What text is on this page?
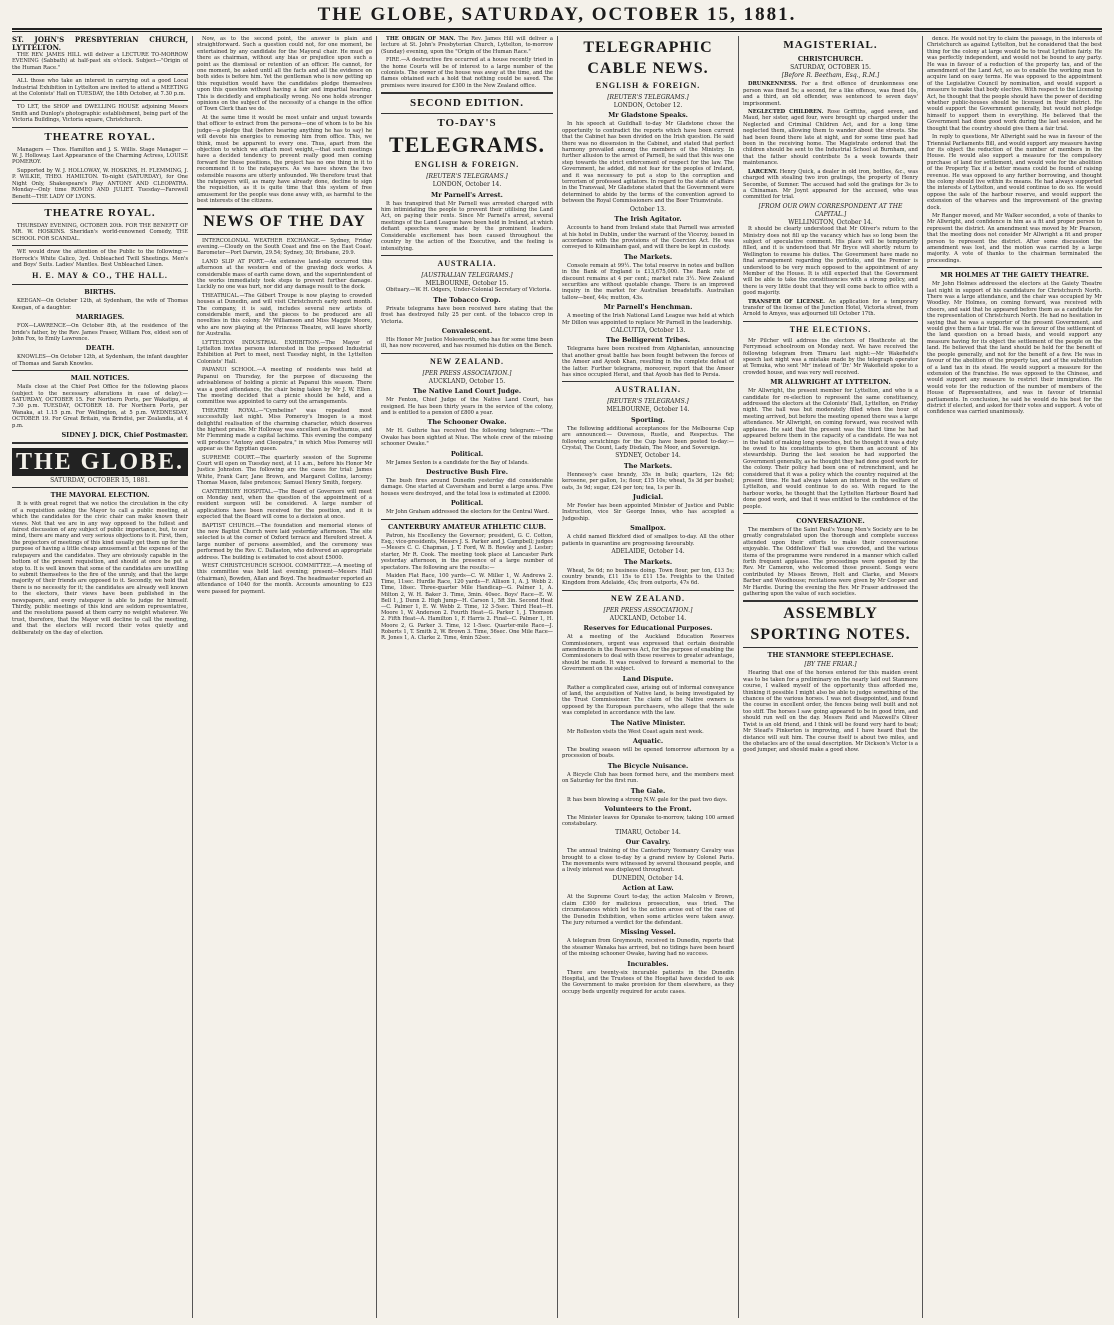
THE GLOBE, SATURDAY, OCTOBER 15, 1881.
ST. JOHN'S PRESBYTERIAN CHURCH, LYTTELTON.

THE REV. JAMES HILL will deliver a LECTURE TO-MORROW EVENING (Sabbath) at half-past six o'clock. Subject—"Origin of the Human Race."

ALL those who take an interest in carrying out a good Local Industrial Exhibition in Lyttelton are invited to attend a MEETING at the Colonists' Hall on TUESDAY, the 18th October, at 7.30 p.m.

TO LET, the SHOP and DWELLING HOUSE adjoining Messrs Smith and Dunlop's photographic establishment, being part of the Victoria Buildings, Victoria square, Christchurch.

THEATRE ROYAL.

Managers — Thos. Hamilton and J. S. Willis. Stage Manager — W. J. Holloway. Last Appearance of the Charming Actress, LOUISE POMEROY.

Supported by W. J. HOLLOWAY, W. HOSKINS, H. FLEMMING, J. P. WILKIE, THEO. HAMILTON. To-night (SATURDAY), for One Night Only, Shakespeare's Play ANTONY AND CLEOPATRA. Monday—Only time ROMEO AND JULIET. Tuesday—Farewell Benefit—THE LADY OF LYONS.

THEATRE ROYAL.

THURSDAY EVENING, OCTOBER 20th. FOR THE BENEFIT OF MR. W. HOSKINS. Sheridan's world-renowned Comedy, THE SCHOOL FOR SCANDAL.

WE would draw the attention of the Public to the following:— Horrock's White Calico, 3yd. Unbleached Twill Sheetings. Men's and Boys' Suits. Ladies' Mantles. Best Unbleached Linen.

H. E. MAY & CO., THE HALL.
BIRTHS.

KEEGAN—On October 12th, at Sydenham, the wife of Thomas Keegan, of a daughter.

MARRIAGES.

FOX—LAWRENCE—On October 8th, at the residence of the bride's father, by the Rev. James Fraser, William Fox, eldest son of John Fox, to Emily Lawrence.

DEATH.

KNOWLES—On October 12th, at Sydenham, the infant daughter of Thomas and Sarah Knowles.

MAIL NOTICES.

Mails close at the Chief Post Office for the following places (subject to the necessary alterations in case of delay):— SATURDAY, OCTOBER 15. For Northern Ports, per Wakatipu, at 7.30 p.m. TUESDAY, OCTOBER 18. For Northern Ports, per Wanaka, at 1.15 p.m. For Wellington, at 5 p.m. WEDNESDAY, OCTOBER 19. For Great Britain, via Brindisi, per Zealandia, at 4 p.m.

SIDNEY J. DICK, Chief Postmaster.
THE GLOBE.
SATURDAY, OCTOBER 15, 1881.
THE MAYORAL ELECTION.

It is with great regret that we notice the circulation in the city of a requisition asking the Mayor to call a public meeting, at which the candidates for the civic chair can make known their views. Not that we are in any way opposed to the fullest and fairest discussion of any subject of public importance, but, to our mind, there are many and very serious objections to it. First, then, the projectors of meetings of this kind usually get them up for the purpose of having a little cheap amusement at the expense of the ratepayers and the candidates. They are obviously capable in the bottom of the present requisition, and should at once be put a stop to. It is well known that some of the candidates are unwilling to submit themselves to the fire of the unruly, and that the large majority of their friends are opposed to it. Secondly, we hold that there is no necessity for it; the candidates are already well known to the electors, their views have been published in the newspapers, and every ratepayer is able to judge for himself. Thirdly, public meetings of this kind are seldom representative, and the resolutions passed at them carry no weight whatever. We trust, therefore, that the Mayor will decline to call the meeting, and that the electors will record their votes quietly and deliberately on the day of election.

Now, as to the second point, the answer is plain and straightforward. Such a question could not, for one moment, be entertained by any candidate for the Mayoral chair. He must go there as chairman, without any bias or prejudice upon such a point as the dismissal or retention of an officer. He cannot, for one moment, be asked until all the facts and all the evidence on both sides is before him. Yet the gentleman who is now getting up this requisition would have the candidates pledge themselves upon this question without having a fair and impartial hearing. This is decidedly and emphatically wrong. No one holds stronger opinions on the subject of the necessity of a change in the office of Town Clerk than we do.

At the same time it would be most unfair and unjust towards that officer to extract from the persons—one of whom is to be his judge—a pledge that (before hearing anything he has to say) he will devote his energies to removing him from office. This, we think, must be apparent to every one. Thus, apart from the objection to which we attach most weight,—that such meetings have a decided tendency to prevent really good men coming forward for these positions, the project has no one thing in it to recommend it to the ratepayers. As we have shown the two ostensible reasons are utterly unfounded. We therefore trust that the ratepayers will, as many have already done, decline to sign the requisition, as it is quite time that this system of free amusement for the people was done away with, as harmful to the best interests of the citizens.

NEWS OF THE DAY

INTERCOLONIAL WEATHER EXCHANGE.— Sydney, Friday evening.—Cloudy on the South Coast and fine on the East Coast. Barometer—Port Darwin, 29.54; Sydney, 30; Brisbane, 29.9.

LAND SLIP AT PORT.—An extensive land-slip occurred this afternoon at the western end of the graving dock works. A considerable mass of earth came down, and the superintendent of the works immediately took steps to prevent further damage. Luckily no one was hurt, nor did any damage result to the dock.

THEATRICAL.—The Gilbert Troupe is now playing to crowded houses at Dunedin, and will visit Christchurch early next month. The company, it is said, includes several new artists of considerable merit, and the pieces to be produced are all novelties in this colony. Mr Williamson and Miss Maggie Moore, who are now playing at the Princess Theatre, will leave shortly for Australia.

LYTTELTON INDUSTRIAL EXHIBITION.—The Mayor of Lyttelton invites persons interested in the proposed Industrial Exhibition at Port to meet, next Tuesday night, in the Lyttelton Colonists' Hall.

PAPANUI SCHOOL.—A meeting of residents was held at Papanui on Thursday, for the purpose of discussing the advisableness of holding a picnic at Papanui this season. There was a good attendance, the chair being taken by Mr J. W. Ellen. The meeting decided that a picnic should be held, and a committee was appointed to carry out the arrangements.

THEATRE ROYAL.—"Cymbeline" was repeated most successfully last night. Miss Pomeroy's Imogen is a most delightful realisation of the charming character, which deserves the highest praise. Mr Holloway was excellent as Posthumus, and Mr Flemming made a capital Iachimo. This evening the company will produce "Antony and Cleopatra," in which Miss Pomeroy will appear as the Egyptian queen.

SUPREME COURT.—The quarterly session of the Supreme Court will open on Tuesday next, at 11 a.m., before his Honor Mr Justice Johnston. The following are the cases for trial: James White, Frank Carr, Jane Brown, and Margaret Collins, larceny; Thomas Mason, false pretences; Samuel Henry Smith, forgery.

CANTERBURY HOSPITAL.—The Board of Governors will meet on Monday next, when the question of the appointment of a resident surgeon will be considered. A large number of applications have been received for the position, and it is expected that the Board will come to a decision at once.

BAPTIST CHURCH.—The foundation and memorial stones of the new Baptist Church were laid yesterday afternoon. The site selected is at the corner of Oxford terrace and Hereford street. A large number of persons assembled, and the ceremony was performed by the Rev. C. Dallaston, who delivered an appropriate address. The building is estimated to cost about £5000.

WEST CHRISTCHURCH SCHOOL COMMITTEE.—A meeting of this committee was held last evening; present—Messrs Hall (chairman), Bowden, Allan and Boyd. The headmaster reported an attendance of 1040 for the month. Accounts amounting to £23 were passed for payment.

THE ORIGIN OF MAN. The Rev. James Hill will deliver a lecture at St. John's Presbyterian Church, Lyttelton, to-morrow (Sunday) evening, upon the "Origin of the Human Race."

FIRE.—A destructive fire occurred at a house recently tried in the home Courts will be of interest to a large number of the colonists. The owner of the house was away at the time, and the flames obtained such a hold that nothing could be saved. The premises were insured for £300 in the New Zealand office.

SECOND EDITION.
TO-DAY'S
TELEGRAMS.
ENGLISH & FOREIGN.
[REUTER'S TELEGRAMS.]
LONDON, October 14.
Mr Parnell's Arrest.

It has transpired that Mr Parnell was arrested charged with him intimidating the people to prevent their utilising the Land Act, on paying their rents. Since Mr Parnell's arrest, several meetings of the Land League have been held in Ireland, at which defiant speeches were made by the prominent leaders. Considerable excitement has been caused throughout the country by the action of the Executive, and the feeling is intensifying.

AUSTRALIA.
[AUSTRALIAN TELEGRAMS.]
MELBOURNE, October 15.

Obituary.—W. H. Odgers, Under-Colonial Secretary of Victoria.

The Tobacco Crop.

Private telegrams have been received here stating that the frost has destroyed fully 25 per cent. of the tobacco crop in Victoria.

Convalescent.

His Honor Mr Justice Molesworth, who has for some time been ill, has now recovered, and has resumed his duties on the Bench.

NEW ZEALAND.
[PER PRESS ASSOCIATION.]
AUCKLAND, October 15.
The Native Land Court Judge.

Mr Fenton, Chief Judge of the Native Land Court, has resigned. He has been thirty years in the service of the colony, and is entitled to a pension of £800 a year.

The Schooner Owake.

Mr H. Guthrie has received the following telegram:—"The Owake has been sighted at Niue. The whole crew of the missing schooner Owake."

Political.

Mr James Sexton is a candidate for the Bay of Islands.

Destructive Bush Fire.

The bush fires around Dunedin yesterday did considerable damage. One started at Caversham and burnt a large area. Five houses were destroyed, and the total loss is estimated at £2000.

Political.

Mr John Graham addressed the electors for the Central Ward.

CANTERBURY AMATEUR ATHLETIC CLUB.

Patron, his Excellency the Governor; president, G. C. Cotton, Esq.; vice-presidents, Messrs J. S. Parker and J. Campbell; judges—Messrs C. C. Chapman, J. T. Ford, W. B. Rowley and J. Lester; starter, Mr R. Cook. The meeting took place at Lancaster Park yesterday afternoon, in the presence of a large number of spectators. The following are the results:—

Maiden Flat Race, 100 yards—C. W. Miller 1, W. Andrews 2. Time, 11sec. Hurdle Race, 120 yards—F. Allison 1, A. J. Webb 2. Time, 18sec. Three-quarter Mile Handicap—G. Palmer 1, A. Milton 2, W. H. Baker 3. Time, 3min. 40sec. Boys' Race—E. W. Bell 1, J. Dunn 2. High Jump—H. Carson 1, 5ft 3in. Second Heat—C. Palmer 1, E. W. Webb 2. Time, 12 3-5sec. Third Heat—H. Moore 1, W. Anderson 2. Fourth Heat—G. Parker 1, J. Thomson 2. Fifth Heat—A. Hamilton 1, F. Harris 2. Final—C. Palmer 1, H. Moore 2, G. Parker 3. Time, 12 1-5sec. Quarter-mile Race—J. Roberts 1, T. Smith 2, W. Brown 3. Time, 56sec. One Mile Race—R. Jones 1, A. Clarke 2. Time, 4min 52sec.

TELEGRAPHIC
CABLE NEWS.
ENGLISH & FOREIGN.
[REUTER'S TELEGRAMS.]
LONDON, October 12.
Mr Gladstone Speaks.

In his speech at Guildhall to-day Mr Gladstone chose the opportunity to contradict the reports which have been current that the Cabinet has been divided on the Irish question. He said there was no dissension in the Cabinet, and stated that perfect harmony prevailed among the members of the Ministry. In further allusion to the arrest of Parnell, he said that this was one step towards the strict enforcement of respect for the law. The Government, he added, did not fear for the peoples of Ireland, and it was necessary to put a stop to the corruption and terrorism of professed agitators. In regard to the state of affairs in the Transvaal, Mr Gladstone stated that the Government were determined to abide by the terms of the convention agreed to between the Royal Commissioners and the Boer Triumvirate.

October 13.
The Irish Agitator.

Accounts to hand from Ireland state that Parnell was arrested at his hotel in Dublin, under the warrant of the Viceroy, issued in accordance with the provisions of the Coercion Act. He was conveyed to Kilmainham gaol, and will there be kept in custody.

The Markets.

Console remain at 99½. The total reserve in notes and bullion in the Bank of England is £13,675,000. The Bank rate of discount remains at 4 per cent.; market rate 3½. New Zealand securities are without quotable change. There is an improved inquiry in the market for Australian breadstuffs. Australian tallow—beef, 44s; mutton, 43s.

Mr Parnell's Henchman.

A meeting of the Irish National Land League was held at which Mr Dillon was appointed to replace Mr Parnell in the leadership.

CALCUTTA, October 13.
The Belligerent Tribes.

Telegrams have been received from Afghanistan, announcing that another great battle has been fought between the forces of the Ameer and Ayoob Khan, resulting in the complete defeat of the latter. Further telegrams, moreover, report that the Ameer has since occupied Herat, and that Ayoob has fled to Persia.

AUSTRALIAN.
[REUTER'S TELEGRAMS.]
MELBOURNE, October 14.
Sporting.

The following additional acceptances for the Melbourne Cup are announced:— Ouvenous, Rustle, and Respectus. The following scratchings for the Cup have been posted to-day:—Crystal, The Count, Lady Disdain, The Moor, and Sovereign.

SYDNEY, October 14.
The Markets.

Hennessy's case brandy, 35s in bulk; quarters, 12s 6d; kerosene, per gallon, 1s; flour, £15 10s; wheat, 5s 3d per bushel; oats, 3s 9d; sugar, £24 per ton; tea, 1s per lb.

Judicial.

Mr Fowler has been appointed Minister of Justice and Public Instruction, vice Sir George Innes, who has accepted a Judgeship.

Smallpox.

A child named Bickford died of smallpox to-day. All the other patients in quarantine are progressing favourably.

ADELAIDE, October 14.
The Markets.

Wheat, 5s 6d; no business doing. Town flour, per ton, £13 5s; country brands, £11 15s to £11 15s. Freights to the United Kingdom from Adelaide, 45s; from outports, 47s 6d.

NEW ZEALAND.
[PER PRESS ASSOCIATION.]
AUCKLAND, October 14.
Reserves for Educational Purposes.

At a meeting of the Auckland Education Reserves Commissioners, urgent was expressed that certain desirable amendments in the Reserves Act, for the purpose of enabling the Commissioners to deal with these reserves to greater advantage, should be made. It was resolved to forward a memorial to the Government on the subject.

Land Dispute.

Rather a complicated case, arising out of informal conveyance of land, the acquisition of Native land, is being investigated by the Trust Commissioner. The claim of the Native owners is opposed by the European purchasers, who allege that the sale was completed in accordance with the law.

The Native Minister.

Mr Rolleston visits the West Coast again next week.

Aquatic.

The boating season will be opened tomorrow afternoon by a procession of boats.

The Bicycle Nuisance.

A Bicycle Club has been formed here, and the members meet on Saturday for the first run.

The Gale.

It has been blowing a strong N.W. gale for the past two days.

Volunteers to the Front.

The Minister leaves for Opunake to-morrow, taking 100 armed constabulary.

TIMARU, October 14.
Our Cavalry.

The annual training of the Canterbury Yeomanry Cavalry was brought to a close to-day by a grand review by Colonel Paris. The movements were witnessed by several thousand people, and a lively interest was displayed throughout.

DUNEDIN, October 14.
Action at Law.

At the Supreme Court to-day, the action Malcolm v Brown, claim £300 for malicious prosecution, was tried. The circumstances which led to the action arose out of the case of the Dunedin Exhibition, when some articles were taken away. The jury returned a verdict for the defendant.

Missing Vessel.

A telegram from Greymouth, received in Dunedin, reports that the steamer Wanaka has arrived, but no tidings have been heard of the missing schooner Owake, having had no success.

Incurables.

There are twenty-six incurable patients in the Dunedin Hospital, and the Trustees of the Hospital have decided to ask the Government to make provision for them elsewhere, as they occupy beds urgently required for acute cases.

MAGISTERIAL.
CHRISTCHURCH.
SATURDAY, OCTOBER 15.
[Before R. Beetham, Esq., R.M.]

DRUNKENNESS. For a first offence of drunkenness one person was fined 5s; a second, for a like offence, was fined 10s, and a third, an old offender, was sentenced to seven days' imprisonment.

NEGLECTED CHILDREN. Rose Griffiths, aged seven, and Maud, her sister, aged four, were brought up charged under the Neglected and Criminal Children Act, and for a long time neglected them, allowing them to wander about the streets. She had been found there late at night, and for some time past had been in the receiving home. The Magistrate ordered that the children should be sent to the Industrial School at Burnham, and that the father should contribute 5s a week towards their maintenance.

LARCENY. Henry Quick, a dealer in old iron, bottles, &c., was charged with stealing two iron gratings, the property of Henry Secombe, of Sumner. The accused had sold the gratings for 3s to a Chinaman. Mr Joynt appeared for the accused, who was committed for trial.

[FROM OUR OWN CORRESPONDENT AT THE CAPITAL.]
WELLINGTON, October 14.

It should be clearly understood that Mr Oliver's return to the Ministry does not fill up the vacancy which has so long been the subject of speculative comment. His place will be temporarily filled, and it is understood that Mr Bryce will shortly return to Wellington to resume his duties. The Government have made no final arrangement regarding the portfolio, and the Premier is understood to be very much opposed to the appointment of any Member of the House. It is still expected that the Government will be able to take the constituencies with a strong policy, and there is very little doubt that they will come back to office with a good majority.

TRANSFER OF LICENSE. An application for a temporary transfer of the license of the Junction Hotel, Victoria street, from Arnold to Amyes, was adjourned till October 17th.

THE ELECTIONS.

Mr Pilcher will address the electors of Heathcote at the Ferrymead schoolroom on Monday next. We have received the following telegram from Timaru last night:—Mr Wakefield's speech last night was a mistake made by the telegraph operator at Temuka, who sent 'Mr' instead of 'Dr.' Mr Wakefield spoke to a crowded house, and was very well received.

MR ALLWRIGHT AT LYTTELTON.

Mr Allwright, the present member for Lyttelton, and who is a candidate for re-election to represent the same constituency, addressed the electors at the Colonists' Hall, Lyttelton, on Friday night. The hall was but moderately filled when the hour of meeting arrived, but before the meeting opened there was a large attendance. Mr Allwright, on coming forward, was received with applause. He said that the present was the third time he had appeared before them in the capacity of a candidate. He was not in the habit of making long speeches, but he thought it was a duty he owed to his constituents to give them an account of his stewardship. During the last session he had supported the Government generally, as he thought they had done good work for the colony. Their policy had been one of retrenchment, and he considered that it was a policy which the country required at the present time. He had always taken an interest in the welfare of Lyttelton, and would continue to do so. With regard to the harbour works, he thought that the Lyttelton Harbour Board had done good work, and that it was entitled to the confidence of the people.

CONVERSAZIONE.

The members of the Saint Paul's Young Men's Society are to be greatly congratulated upon the thorough and complete success attended upon their efforts to make their conversazione enjoyable. The Oddfellows' Hall was crowded, and the various items of the programme were rendered in a manner which called forth frequent applause. The proceedings were opened by the Rev. Mr Cameron, who welcomed those present. Songs were contributed by Misses Brown, Holt and Clarke, and Messrs Barber and Woodhouse; recitations were given by Mr Cooper and Mr Hardie. During the evening the Rev. Mr Fraser addressed the gathering upon the value of such societies.

ASSEMBLY
SPORTING NOTES.
THE STANMORE STEEPLECHASE.
[BY THE FRIAR.]

Hearing that one of the horses entered for this maiden event was to be taken for a preliminary on the nearly laid out Stanmore course, I walked myself of the opportunity thus afforded me, thinking it possible I might also be able to judge something of the chances of the various horses. I was not disappointed, and found the course in excellent order, the fences being well built and not too stiff. The horses I saw going appeared to be in good trim, and should run well on the day. Messrs Reid and Maxwell's Oliver Twist is an old friend, and I think will be found very hard to beat; Mr Stead's Pinkerton is improving, and I have heard that the distance will suit him. The course itself is about two miles, and the obstacles are of the usual description. Mr Dickson's Victor is a good jumper, and should make a good show.

dence. He would not try to claim the passage, in the interests of Christchurch as against Lyttelton, but he considered that the best thing for the colony at large would be to treat Lyttelton fairly. He was perfectly independent, and would not be bound to any party. He was in favour of a reduction of the property tax, and of the amendment of the Land Act, so as to enable the working man to acquire land on easy terms. He was opposed to the appointment of the Legislative Council by nomination, and would support a measure to make that body elective. With respect to the Licensing Act, he thought that the people should have the power of deciding whether public-houses should be licensed in their district. He would support the Government generally, but would not pledge himself to support them in everything. He believed that the Government had done good work during the last session, and he thought that the country should give them a fair trial.

In reply to questions, Mr Allwright said he was in favour of the Triennial Parliaments Bill, and would support any measure having for its object the reduction of the number of members in the House. He would also support a measure for the compulsory purchase of land for settlement, and would vote for the abolition of the Property Tax if a better means could be found of raising revenue. He was opposed to any further borrowing, and thought the colony should live within its means. He had always supported the interests of Lyttelton, and would continue to do so. He would oppose the sale of the harbour reserve, and would support the extension of the wharves and the improvement of the graving dock.

Mr Ranger moved, and Mr Walker seconded, a vote of thanks to Mr Allwright, and confidence in him as a fit and proper person to represent the district. An amendment was moved by Mr Pearson, that the meeting does not consider Mr Allwright a fit and proper person to represent the district. After some discussion the amendment was lost, and the motion was carried by a large majority. A vote of thanks to the chairman terminated the proceedings.

MR HOLMES AT THE GAIETY THEATRE.

Mr John Holmes addressed the electors at the Gaiety Theatre last night in support of his candidature for Christchurch North. There was a large attendance, and the chair was occupied by Mr Woodley. Mr Holmes, on coming forward, was received with cheers, and said that he appeared before them as a candidate for the representation of Christchurch North. He had no hesitation in saying that he was a supporter of the present Government, and would give them a fair trial. He was in favour of the settlement of the land question on a broad basis, and would support any measure having for its object the settlement of the people on the land. He believed that the land should be held for the benefit of the people generally, and not for the benefit of a few. He was in favour of the abolition of the property tax, and of the substitution of a land tax in its stead. He would support a measure for the extension of the franchise. He was opposed to the Chinese, and would support any measure to restrict their immigration. He would vote for the reduction of the number of members of the House of Representatives, and was in favour of triennial parliaments. In conclusion, he said he would do his best for the district if elected, and asked for their votes and support. A vote of confidence was carried unanimously.
